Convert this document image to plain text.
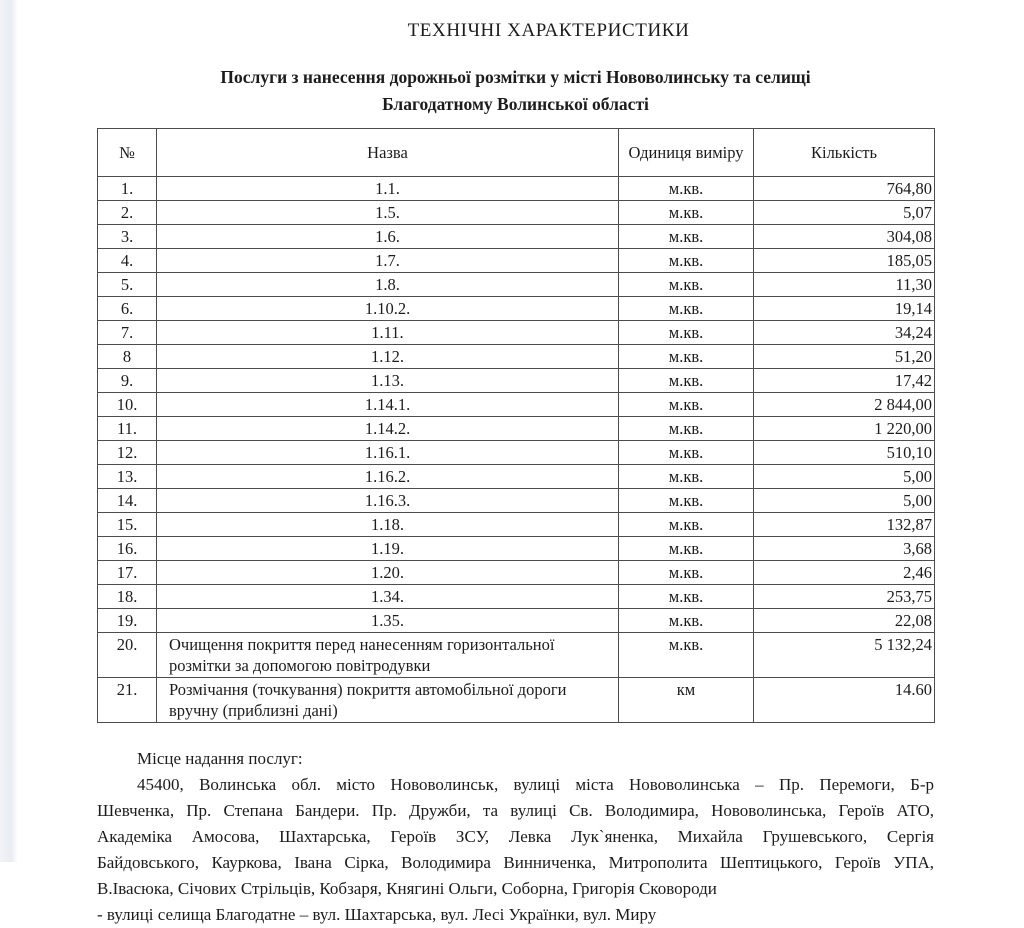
ТЕХНІЧНІ ХАРАКТЕРИСТИКИ
Послуги з нанесення дорожньої розмітки у місті Нововолинську та селищі
Благодатному Волинської області
№	Назва	Одиниця виміру	Кількість
1.	1.1.	м.кв.	764,80
2.	1.5.	м.кв.	5,07
3.	1.6.	м.кв.	304,08
4.	1.7.	м.кв.	185,05
5.	1.8.	м.кв.	11,30
6.	1.10.2.	м.кв.	19,14
7.	1.11.	м.кв.	34,24
8	1.12.	м.кв.	51,20
9.	1.13.	м.кв.	17,42
10.	1.14.1.	м.кв.	2 844,00
11.	1.14.2.	м.кв.	1 220,00
12.	1.16.1.	м.кв.	510,10
13.	1.16.2.	м.кв.	5,00
14.	1.16.3.	м.кв.	5,00
15.	1.18.	м.кв.	132,87
16.	1.19.	м.кв.	3,68
17.	1.20.	м.кв.	2,46
18.	1.34.	м.кв.	253,75
19.	1.35.	м.кв.	22,08
20.	Очищення покриття перед нанесенням горизонтальної розмітки за допомогою повітродувки	м.кв.	5 132,24
21.	Розмічання (точкування) покриття автомобільної дороги вручну (приблизні дані)	км	14.60
Місце надання послуг:
45400, Волинська обл. місто Нововолинськ, вулиці міста Нововолинська – Пр. Перемоги, Б-р
Шевченка, Пр. Степана Бандери. Пр. Дружби, та вулиці Св. Володимира, Нововолинська, Героїв АТО,
Академіка Амосова, Шахтарська, Героїв ЗСУ, Левка Лук`яненка, Михайла Грушевського, Сергія
Байдовського, Кауркова, Івана Сірка, Володимира Винниченка, Митрополита Шептицького, Героїв УПА,
В.Івасюка, Січових Стрільців, Кобзаря, Княгині Ольги, Соборна, Григорія Сковороди
- вулиці селища Благодатне – вул. Шахтарська, вул. Лесі Українки, вул. Миру
